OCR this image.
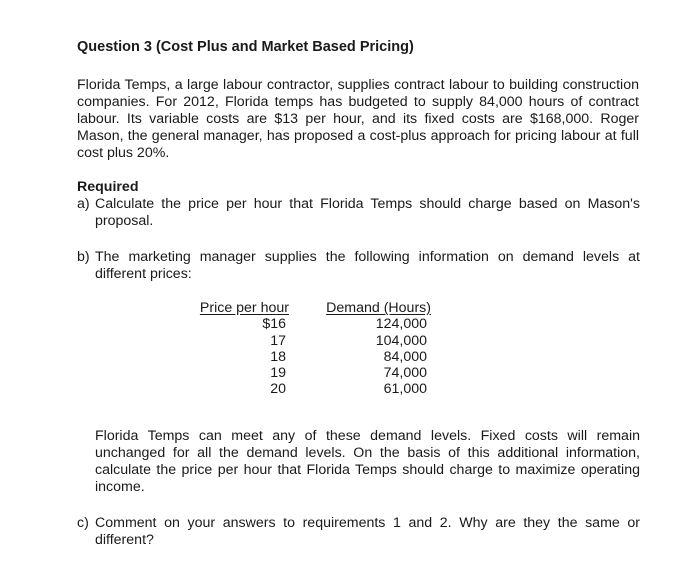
Question 3 (Cost Plus and Market Based Pricing)
Florida Temps, a large labour contractor, supplies contract labour to building construction companies. For 2012, Florida temps has budgeted to supply 84,000 hours of contract labour. Its variable costs are $13 per hour, and its fixed costs are $168,000. Roger Mason, the general manager, has proposed a cost-plus approach for pricing labour at full cost plus 20%.
Required
a) Calculate the price per hour that Florida Temps should charge based on Mason's proposal.
b) The marketing manager supplies the following information on demand levels at different prices:
Price per hour		Demand (Hours)
$16		124,000
17		104,000
18		84,000
19		74,000
20		61,000
Florida Temps can meet any of these demand levels. Fixed costs will remain unchanged for all the demand levels. On the basis of this additional information, calculate the price per hour that Florida Temps should charge to maximize operating income.
c) Comment on your answers to requirements 1 and 2. Why are they the same or different?
